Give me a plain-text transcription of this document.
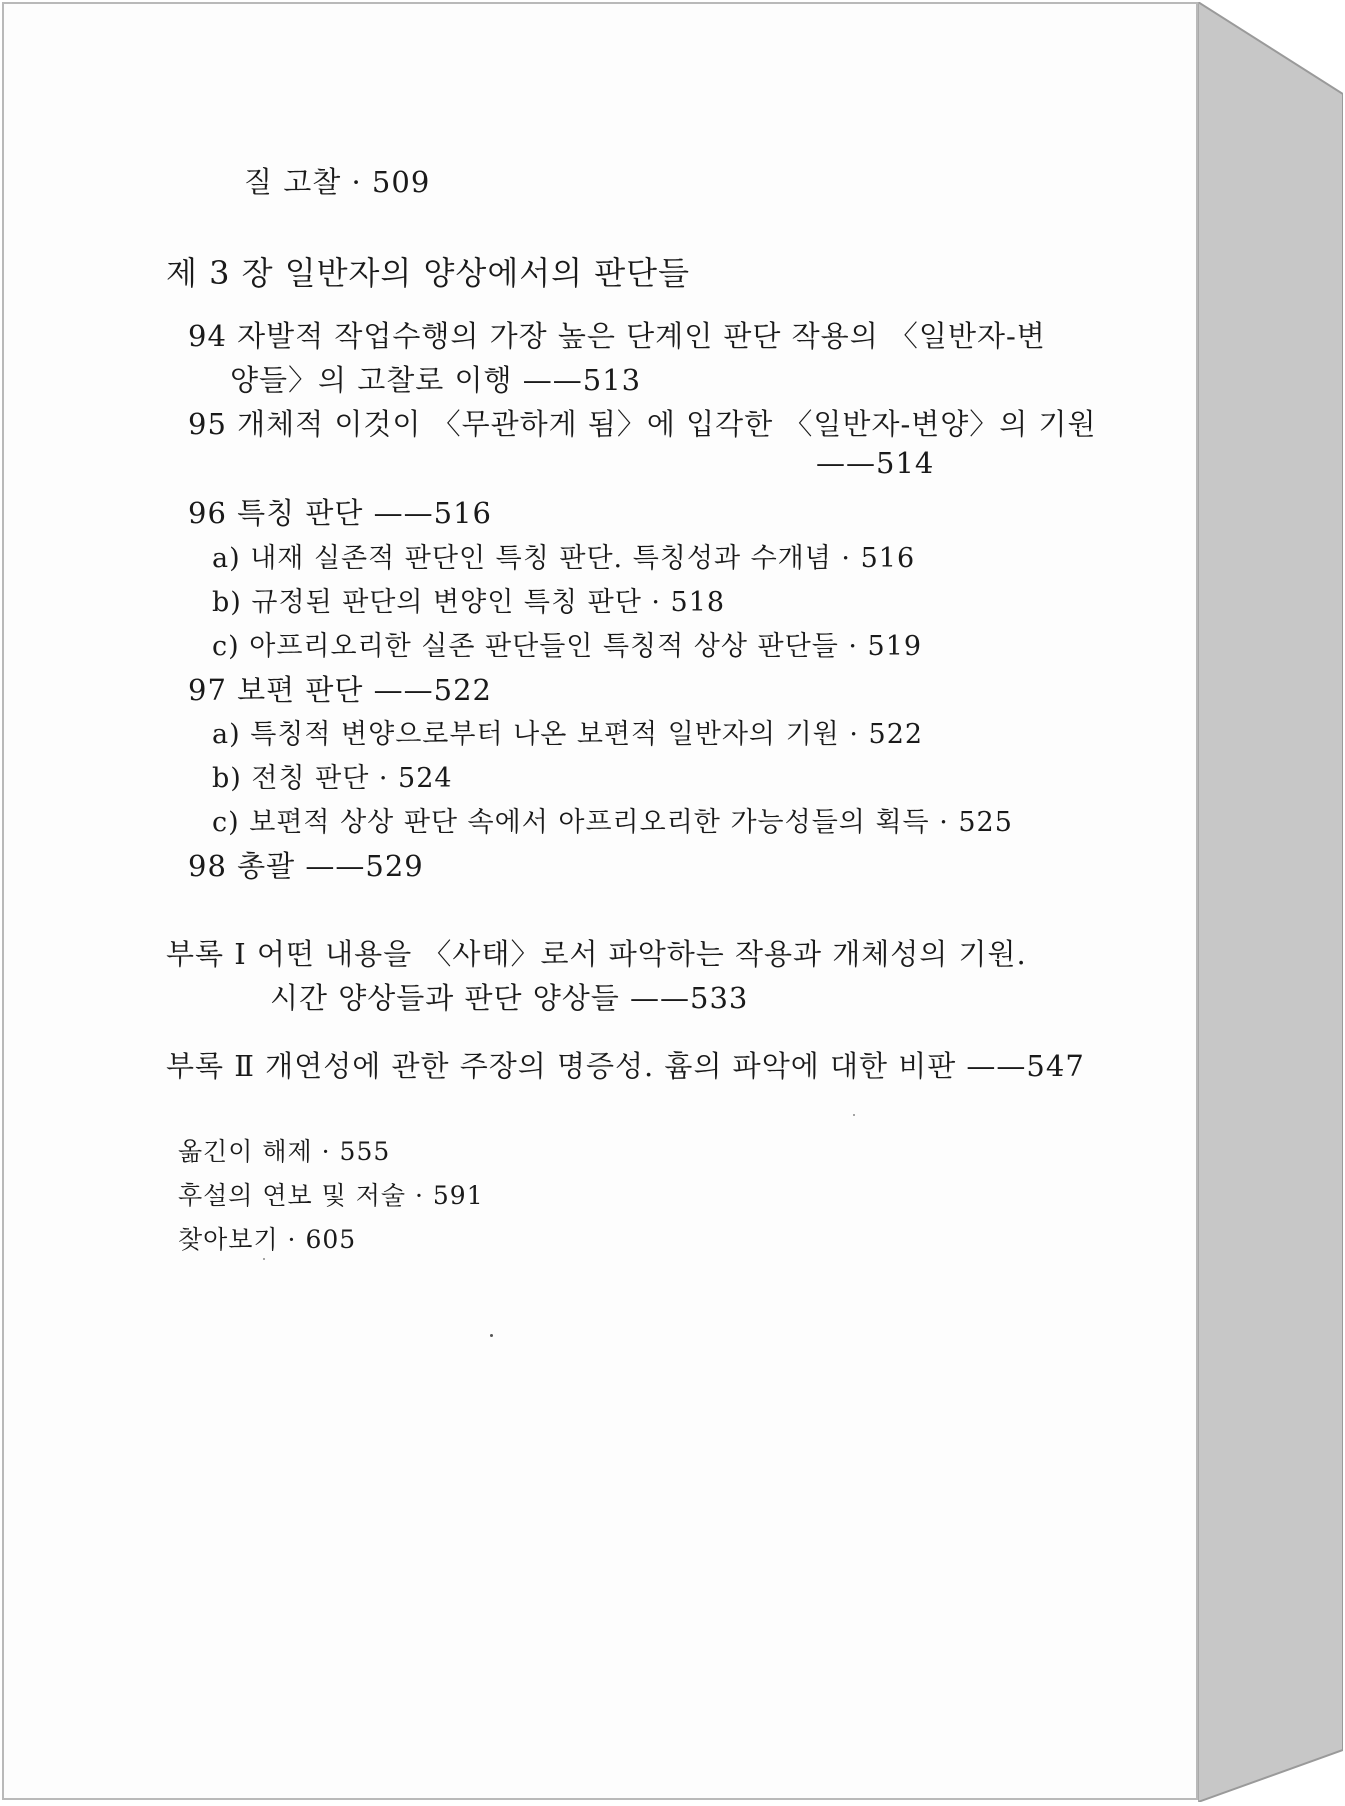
질 고찰 · 509
제 3 장 일반자의 양상에서의 판단들
94 자발적 작업수행의 가장 높은 단계인 판단 작용의 〈일반자-변
양들〉의 고찰로 이행 ——513
95 개체적 이것이 〈무관하게 됨〉에 입각한 〈일반자-변양〉의 기원
——514
96 특칭 판단 ——516
a) 내재 실존적 판단인 특칭 판단. 특칭성과 수개념 · 516
b) 규정된 판단의 변양인 특칭 판단 · 518
c) 아프리오리한 실존 판단들인 특칭적 상상 판단들 · 519
97 보편 판단 ——522
a) 특칭적 변양으로부터 나온 보편적 일반자의 기원 · 522
b) 전칭 판단 · 524
c) 보편적 상상 판단 속에서 아프리오리한 가능성들의 획득 · 525
98 총괄 ——529
부록 Ⅰ 어떤 내용을 〈사태〉로서 파악하는 작용과 개체성의 기원.
시간 양상들과 판단 양상들 ——533
부록 Ⅱ 개연성에 관한 주장의 명증성. 흄의 파악에 대한 비판 ——547
옮긴이 해제 · 555
후설의 연보 및 저술 · 591
찾아보기 · 605
